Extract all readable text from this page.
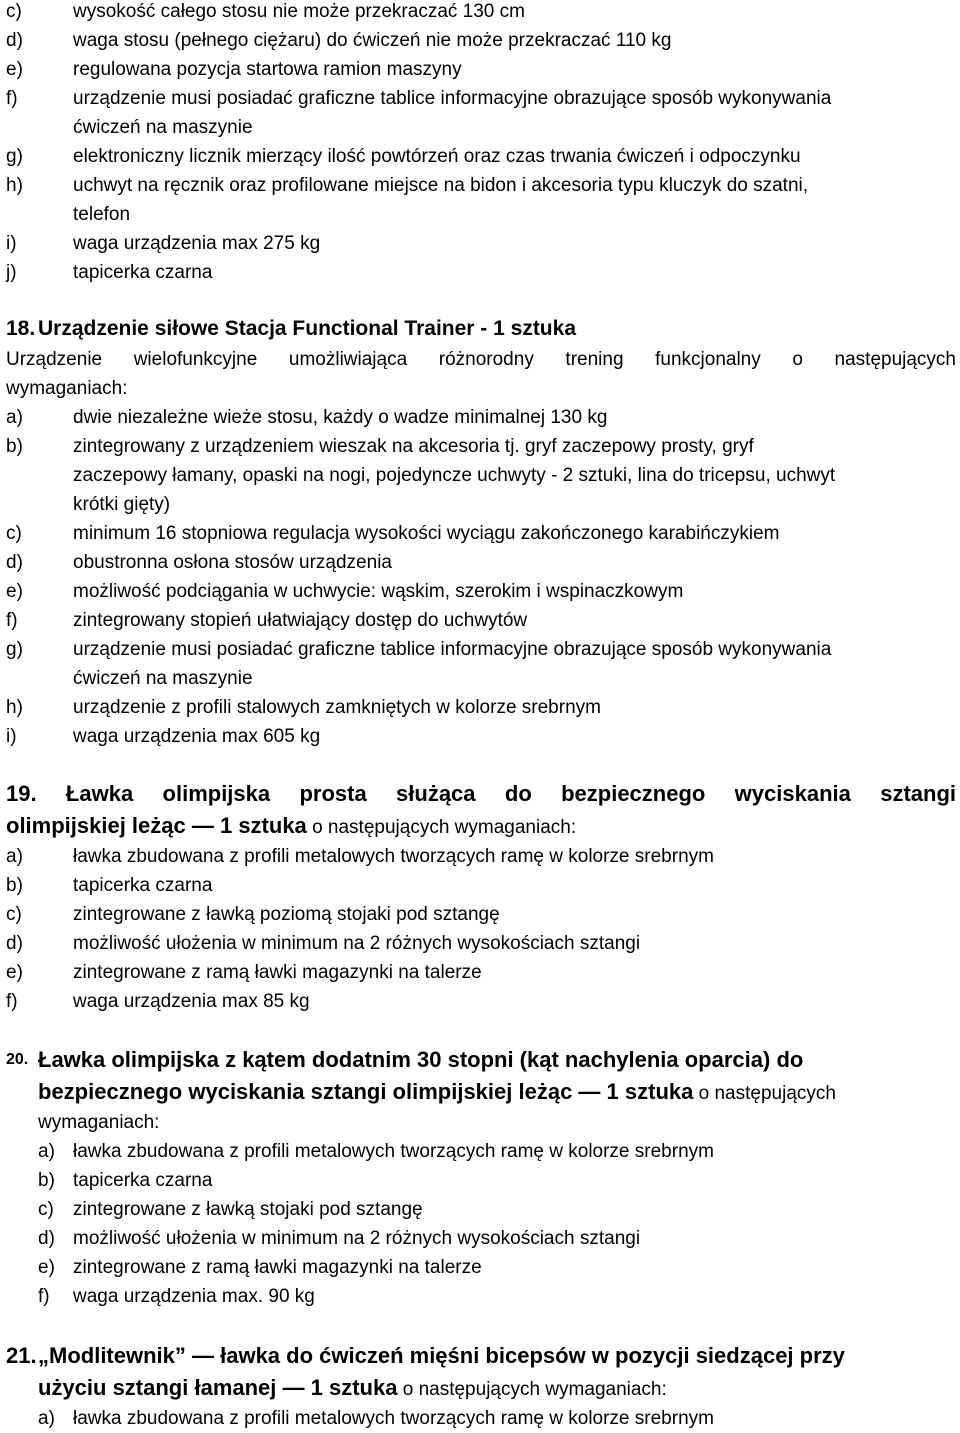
c)	wysokość całego stosu nie może przekraczać 130 cm
d)	waga stosu (pełnego ciężaru) do ćwiczeń nie może przekraczać 110 kg
e)	regulowana pozycja startowa ramion maszyny
f)	urządzenie musi posiadać graficzne tablice informacyjne obrazujące sposób wykonywania
ćwiczeń na maszynie
g)	elektroniczny licznik mierzący ilość powtórzeń oraz czas trwania ćwiczeń i odpoczynku
h)	uchwyt na ręcznik oraz profilowane miejsce na bidon i akcesoria typu kluczyk do szatni,
telefon
i)	waga urządzenia max 275 kg
j)	tapicerka czarna
18. Urządzenie siłowe Stacja Functional Trainer - 1 sztuka
Urządzenie wielofunkcyjne umożliwiająca różnorodny trening funkcjonalny o następujących
wymaganiach:
a)	dwie niezależne wieże stosu, każdy o wadze minimalnej 130 kg
b)	zintegrowany z urządzeniem wieszak na akcesoria tj. gryf zaczepowy prosty, gryf
zaczepowy łamany, opaski na nogi, pojedyncze uchwyty - 2 sztuki, lina do tricepsu, uchwyt
krótki gięty)
c)	minimum 16 stopniowa regulacja wysokości wyciągu zakończonego karabińczykiem
d)	obustronna osłona stosów urządzenia
e)	możliwość podciągania w uchwycie: wąskim, szerokim i wspinaczkowym
f)	zintegrowany stopień ułatwiający dostęp do uchwytów
g)	urządzenie musi posiadać graficzne tablice informacyjne obrazujące sposób wykonywania
ćwiczeń na maszynie
h)	urządzenie z profili stalowych zamkniętych w kolorze srebrnym
i)	waga urządzenia max 605 kg
19. Ławka olimpijska prosta służąca do bezpiecznego wyciskania sztangi
olimpijskiej leżąc — 1 sztuka o następujących wymaganiach:
a)	ławka zbudowana z profili metalowych tworzących ramę w kolorze srebrnym
b)	tapicerka czarna
c)	zintegrowane z ławką poziomą stojaki pod sztangę
d)	możliwość ułożenia w minimum na 2 różnych wysokościach sztangi
e)	zintegrowane z ramą ławki magazynki na talerze
f)	waga urządzenia max 85 kg
20. Ławka olimpijska z kątem dodatnim 30 stopni (kąt nachylenia oparcia) do
bezpiecznego wyciskania sztangi olimpijskiej leżąc — 1 sztuka o następujących
wymaganiach:
a) ławka zbudowana z profili metalowych tworzących ramę w kolorze srebrnym
b) tapicerka czarna
c) zintegrowane z ławką stojaki pod sztangę
d) możliwość ułożenia w minimum na 2 różnych wysokościach sztangi
e) zintegrowane z ramą ławki magazynki na talerze
f) waga urządzenia max. 90 kg
21. „Modlitewnik” — ławka do ćwiczeń mięśni bicepsów w pozycji siedzącej przy
użyciu sztangi łamanej — 1 sztuka o następujących wymaganiach:
a) ławka zbudowana z profili metalowych tworzących ramę w kolorze srebrnym
